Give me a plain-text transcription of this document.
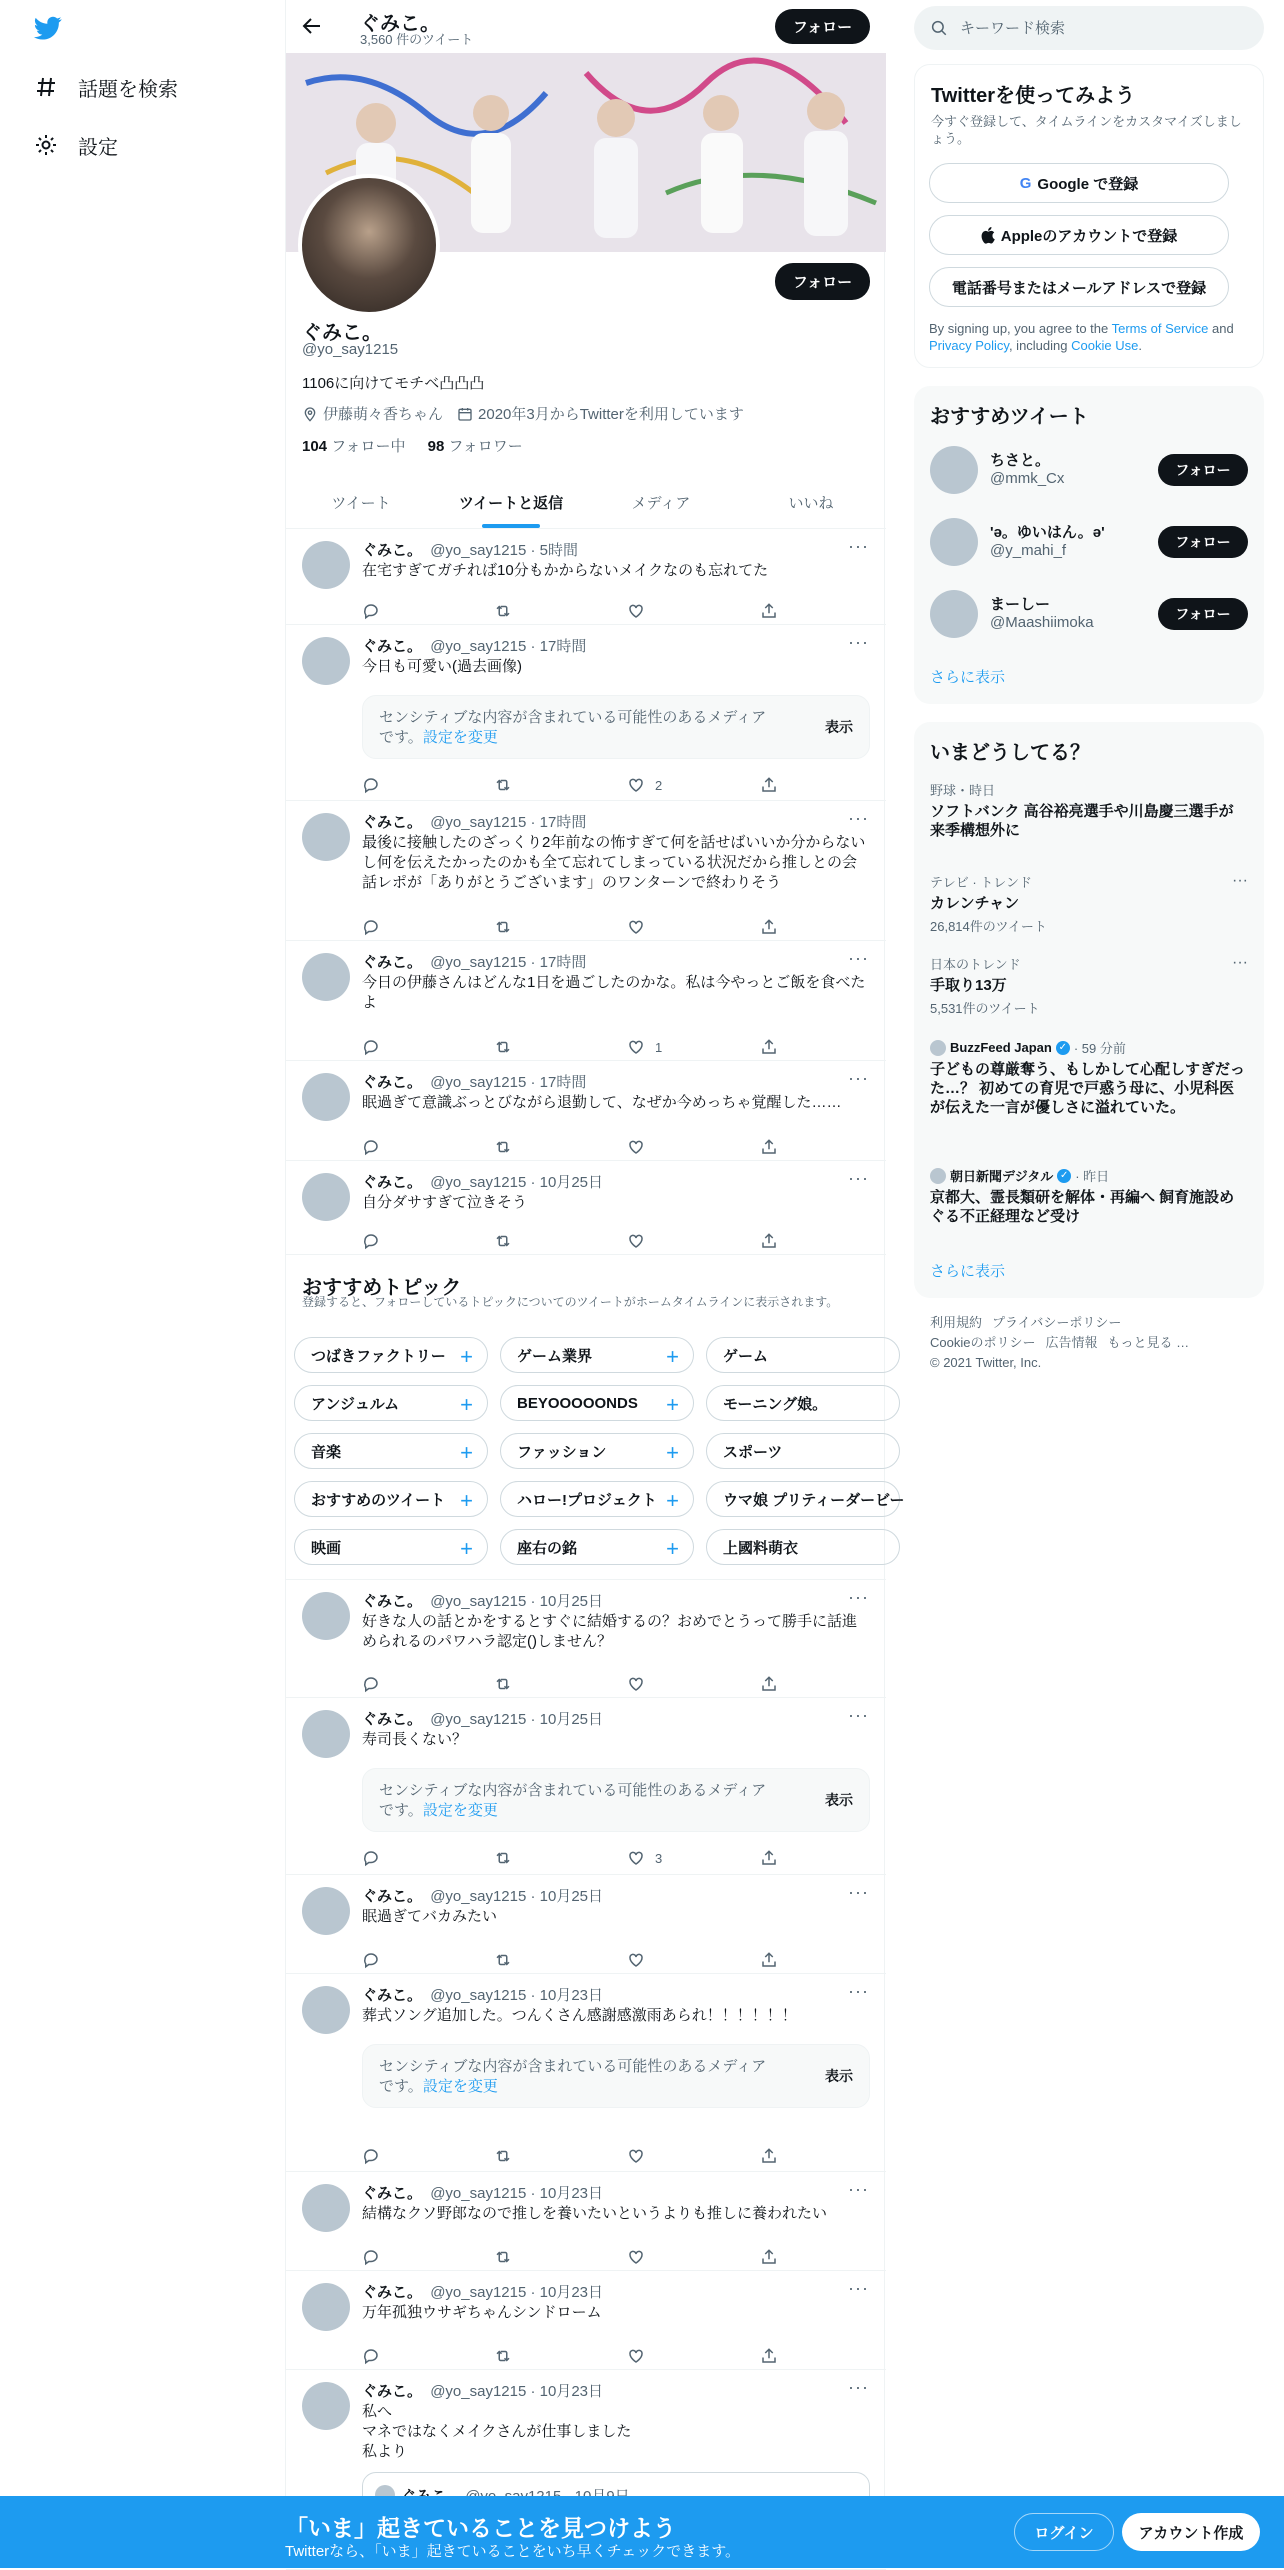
話題を検索
設定
ぐみこ。
3,560 件のツイート
フォロー
フォロー
ぐみこ。
@yo_say1215
1106に向けてモチベ凸凸凸
伊藤萌々香ちゃん 2020年3月からTwitterを利用しています
104 フォロー中 98 フォロワー
ツイート	ツイートと返信	メディア	いいね
ぐみこ。 @yo_say1215 · 5時間	···
在宅すぎてガチれば10分もかからないメイクなのも忘れてた
ぐみこ。 @yo_say1215 · 17時間	···
今日も可愛い(過去画像)
センシティブな内容が含まれている可能性のあるメディアです。設定を変更
表示
2
ぐみこ。 @yo_say1215 · 17時間	···
最後に接触したのざっくり2年前なの怖すぎて何を話せばいいか分からないし何を伝えたかったのかも全て忘れてしまっている状況だから推しとの会話レポが「ありがとうございます」のワンターンで終わりそう
ぐみこ。 @yo_say1215 · 17時間	···
今日の伊藤さんはどんな1日を過ごしたのかな。私は今やっとご飯を食べたよ
1
ぐみこ。 @yo_say1215 · 17時間	···
眠過ぎて意識ぶっとびながら退勤して、なぜか今めっちゃ覚醒した……
ぐみこ。 @yo_say1215 · 10月25日	···
自分ダサすぎて泣きそう
ぐみこ。 @yo_say1215 · 10月25日	···
好きな人の話とかをするとすぐに結婚するの？おめでとうって勝手に話進められるのパワハラ認定()しません？
ぐみこ。 @yo_say1215 · 10月25日	···
寿司長くない？
センシティブな内容が含まれている可能性のあるメディアです。設定を変更
表示
3
ぐみこ。 @yo_say1215 · 10月25日	···
眠過ぎてバカみたい
ぐみこ。 @yo_say1215 · 10月23日	···
葬式ソング追加した。つんくさん感謝感激雨あられ！！！！！！
センシティブな内容が含まれている可能性のあるメディアです。設定を変更
表示
ぐみこ。 @yo_say1215 · 10月23日	···
結構なクソ野郎なので推しを養いたいというよりも推しに養われたい
ぐみこ。 @yo_say1215 · 10月23日	···
万年孤独ウサギちゃんシンドローム
ぐみこ。 @yo_say1215 · 10月23日	···
私へ
マネではなくメイクさんが仕事しました
私より
おすすめトピック
登録すると、フォローしているトピックについてのツイートがホームタイムラインに表示されます。
つばきファクトリー +	ゲーム業界	+	ゲーム
アンジュルム	+	BEYOOOOONDS +	モーニング娘。
音楽	+	ファッション	+	スポーツ
おすすめのツイート +	ハロー!プロジェクト +	ウマ娘 プリティーダービー
映画	+	座右の銘	+	上國料萌衣
キーワード検索
Twitterを使ってみよう
今すぐ登録して、タイムラインをカスタマイズしましょう。
G Google で登録
Appleのアカウントで登録
電話番号またはメールアドレスで登録
By signing up, you agree to the Terms of Service and Privacy Policy, including Cookie Use.
おすすめツイート
ちさと。
@mmk_Cx	フォロー
'ə。ゆいはん。ə'
@y_mahi_f	フォロー
まーしー
@Maashiimoka	フォロー
さらに表示
いまどうしてる？
野球・時日
ソフトバンク 高谷裕亮選手や川島慶三選手が来季構想外に
テレビ · トレンド
カレンチャン
26,814件のツイート
···
日本のトレンド
手取り13万
5,531件のツイート
···
BuzzFeed Japan ✓ · 59 分前
子どもの尊厳奪う、もしかして心配しすぎだった…？ 初めての育児で戸惑う母に、小児科医が伝えた一言が優しさに溢れていた。
朝日新聞デジタル ✓ · 昨日
京都大、霊長類研を解体・再編へ 飼育施設めぐる不正経理など受け
さらに表示
利用規約 プライバシーポリシー
Cookieのポリシー 広告情報 もっと見る …
© 2021 Twitter, Inc.
「いま」起きていることを見つけよう
Twitterなら、「いま」起きていることをいち早くチェックできます。
ログイン	アカウント作成
